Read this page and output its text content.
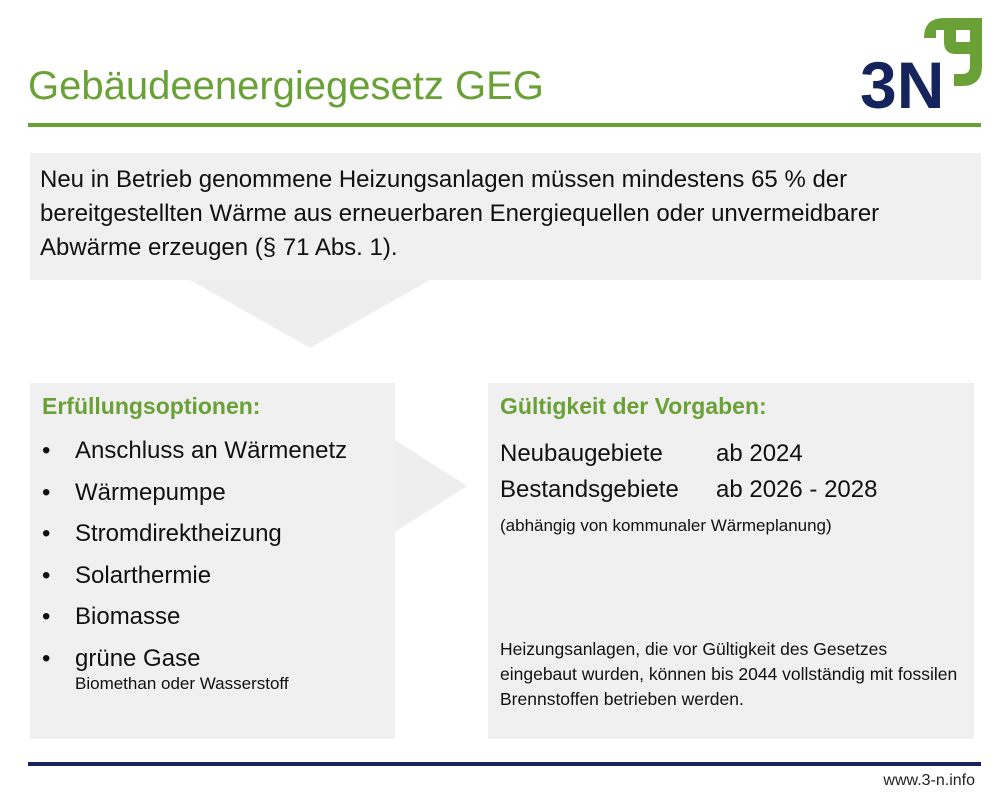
Gebäudeenergiegesetz GEG	3N

Neu in Betrieb genommene Heizungsanlagen müssen mindestens 65 % der bereitgestellten Wärme aus erneuerbaren Energiequellen oder unvermeidbarer Abwärme erzeugen (§ 71 Abs. 1).

Erfüllungsoptionen:
• Anschluss an Wärmenetz
• Wärmepumpe
• Stromdirektheizung
• Solarthermie
• Biomasse
• grüne Gase
Biomethan oder Wasserstoff
Gültigkeit der Vorgaben:
Neubaugebiete ab 2024
Bestandsgebiete ab 2026 - 2028
(abhängig von kommunaler Wärmeplanung)

Heizungsanlagen, die vor Gültigkeit des Gesetzes eingebaut wurden, können bis 2044 vollständig mit fossilen Brennstoffen betrieben werden.

www.3-n.info
